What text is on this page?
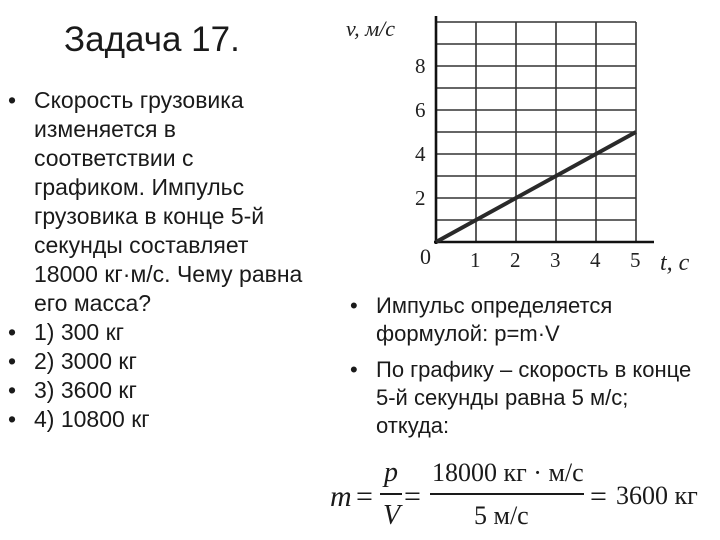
Задача 17.
• Скорость грузовика изменяется в соответствии с графиком. Импульс грузовика в конце 5-й секунды составляет 18000 кг·м/с. Чему равна его масса?
• 1) 300 кг
• 2) 3000 кг
• 3) 3600 кг
• 4) 10800 кг
• Импульс определяется формулой: p=m·V
• По графику – скорость в конце 5-й секунды равна 5 м/с; откуда:
1 2 3 4 5
2
4
6
8
v, м/с
t, с
0
m =
p
V
=
18000 кг · м/с
5 м/с
= 3600 кг
